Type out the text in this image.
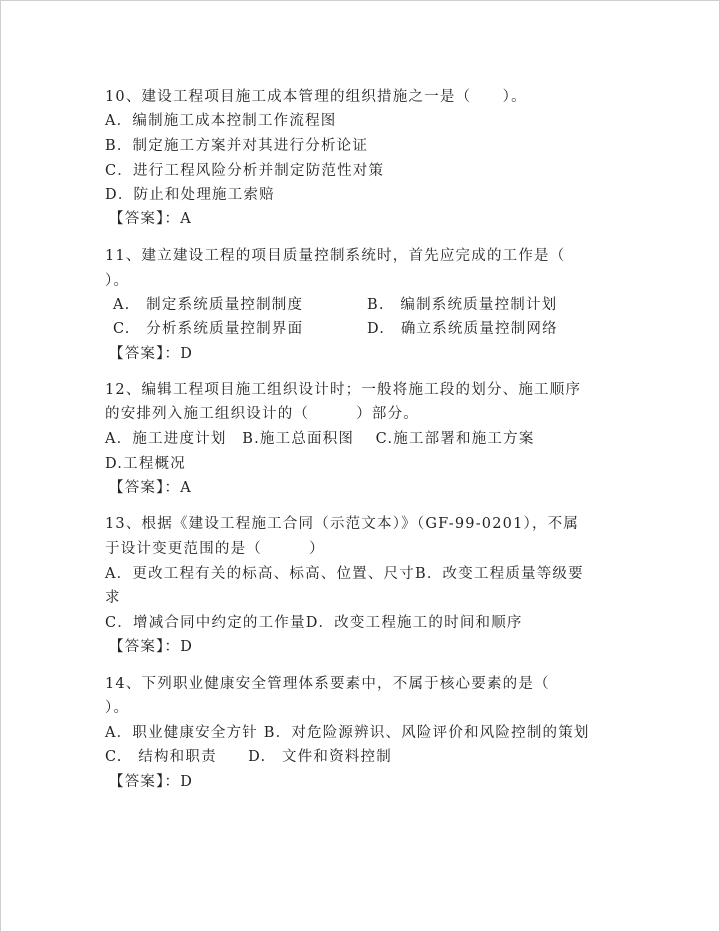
10、建设工程项目施工成本管理的组织措施之一是（　　）。
A．编制施工成本控制工作流程图
B．制定施工方案并对其进行分析论证
C．进行工程风险分析并制定防范性对策
D．防止和处理施工索赔
【答案】：A
11、建立建设工程的项目质量控制系统时，首先应完成的工作是（
）。
A.　制定系统质量控制制度	B.　编制系统质量控制计划
C.　分析系统质量控制界面	D.　确立系统质量控制网络
【答案】：D
12、编辑工程项目施工组织设计时；一般将施工段的划分、施工顺序
的安排列入施工组织设计的（　　　）部分。
A．施工进度计划　B.施工总面积图　 C.施工部署和施工方案
D.工程概况
【答案】：A
13、根据《建设工程施工合同（示范文本）》（GF-99-0201），不属
于设计变更范围的是（　　　）
A．更改工程有关的标高、标高、位置、尺寸B．改变工程质量等级要
求
C．增减合同中约定的工作量D．改变工程施工的时间和顺序
【答案】：D
14、下列职业健康安全管理体系要素中，不属于核心要素的是（
）。
A．职业健康安全方针 B．对危险源辨识、风险评价和风险控制的策划
C.　结构和职责　　D.　文件和资料控制
【答案】：D
